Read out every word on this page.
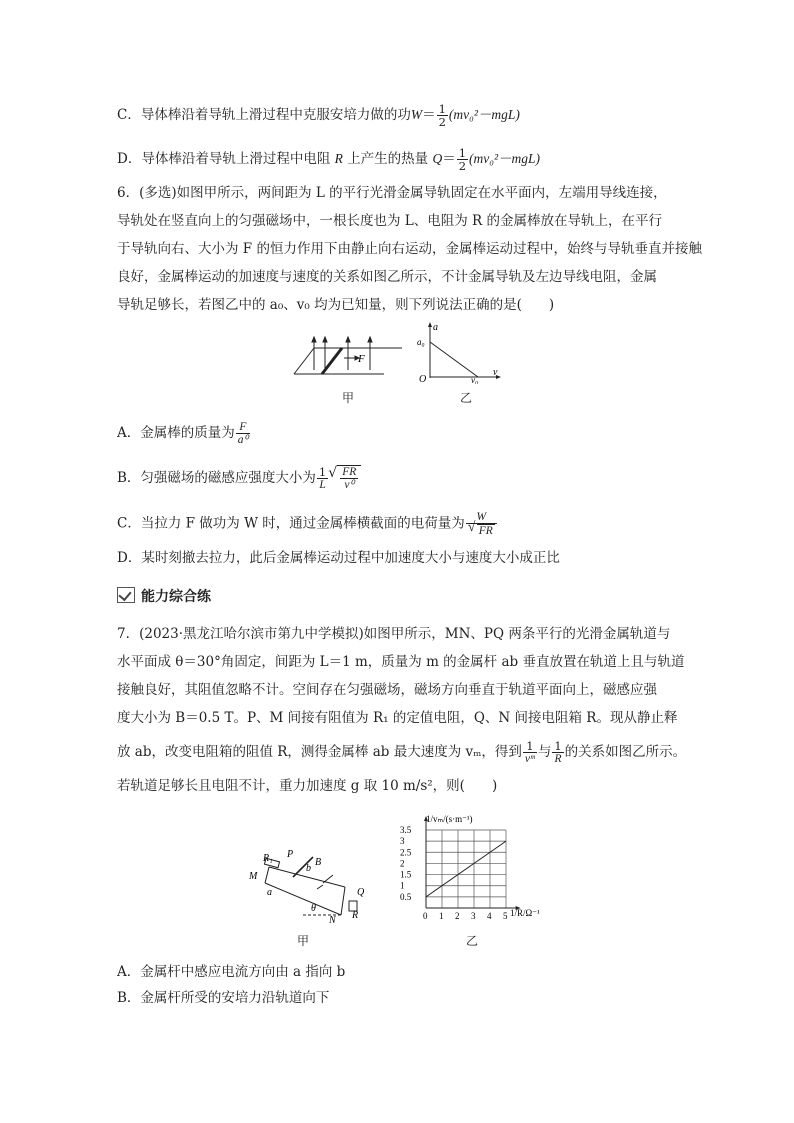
C．导体棒沿着导轨上滑过程中克服安培力做的功$W= \frac{1}{2} (mv_0^2-mgL)$
D．导体棒沿着导轨上滑过程中电阻 R 上产生的热量 $Q= \frac{1}{2} (mv_0^2-mgL)$
6．(多选)如图甲所示，两间距为 L 的平行光滑金属导轨固定在水平面内，左端用导线连接，
导轨处在竖直向上的匀强磁场中，一根长度也为 L、电阻为 R 的金属棒放在导轨上，在平行
于导轨向右、大小为 F 的恒力作用下由静止向右运动，金属棒运动过程中，始终与导轨垂直并接触
良好，金属棒运动的加速度与速度的关系如图乙所示，不计金属导轨及左边导线电阻，金属
导轨足够长，若图乙中的 a₀、v₀ 均为已知量，则下列说法正确的是(　　)
F
甲
a
a₀
O	v₀
v
乙
A．金属棒的质量为 $\frac{F}{\text{a⁰}}$
B．匀强磁场的磁感应强度大小为 $\frac{1}{L}$
√ $\frac{FR}{\text{v⁰}}$
C．当拉力 F 做功为 W 时，通过金属棒横截面的电荷量为 W
√ FR
D．某时刻撤去拉力，此后金属棒运动过程中加速度大小与速度大小成正比
能力综合练
7．(2023·黑龙江哈尔滨市第九中学模拟)如图甲所示，MN、PQ 两条平行的光滑金属轨道与
水平面成 θ＝30°角固定，间距为 L＝1 m，质量为 m 的金属杆 ab 垂直放置在轨道上且与轨道
接触良好，其阻值忽略不计。空间存在匀强磁场，磁场方向垂直于轨道平面向上，磁感应强
度大小为 B＝0.5 T。P、M 间接有阻值为 R₁ 的定值电阻，Q、N 间接电阻箱 R。现从静止释
放 ab，改变电阻箱的阻值 R，测得金属棒 ab 最大速度为 vₘ，得到 $\frac{1}{\text{vᵐ}}$ 与 $\frac{1}{R}$ 的关系如图乙所示。
若轨道足够长且电阻不计，重力加速度 g 取 10 m/s²，则(　　)
R₁ P
b
B
M
a	Q
R
N
θ
甲
0 1 2 3 4 5
0.5
1
1.5
2
2.5
3
3.5
1/vₘ/(s·m⁻¹)
1/R/Ω⁻¹
乙
A．金属杆中感应电流方向由 a 指向 b
B．金属杆所受的安培力沿轨道向下
